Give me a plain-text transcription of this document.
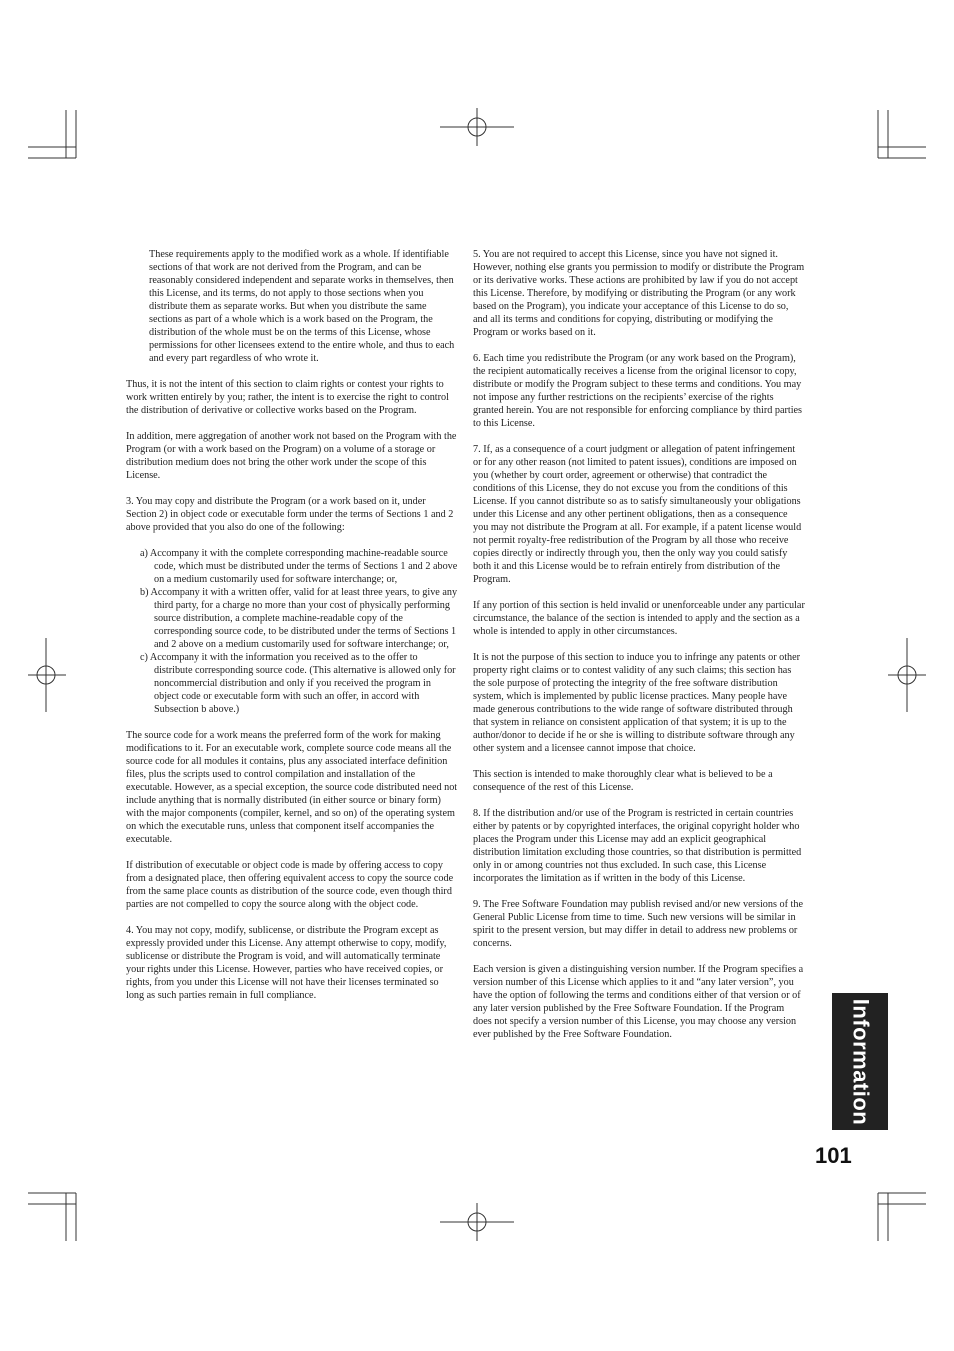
These requirements apply to the modified work as a whole. If identifiable sections of that work are not derived from the Program, and can be reasonably considered independent and separate works in themselves, then this License, and its terms, do not apply to those sections when you distribute them as separate works. But when you distribute the same sections as part of a whole which is a work based on the Program, the distribution of the whole must be on the terms of this License, whose permissions for other licensees extend to the entire whole, and thus to each and every part regardless of who wrote it.

Thus, it is not the intent of this section to claim rights or contest your rights to work written entirely by you; rather, the intent is to exercise the right to control the distribution of derivative or collective works based on the Program.

In addition, mere aggregation of another work not based on the Program with the Program (or with a work based on the Program) on a volume of a storage or distribution medium does not bring the other work under the scope of this License.

3. You may copy and distribute the Program (or a work based on it, under Section 2) in object code or executable form under the terms of Sections 1 and 2 above provided that you also do one of the following:

a) Accompany it with the complete corresponding machine-readable source code, which must be distributed under the terms of Sections 1 and 2 above on a medium customarily used for software interchange; or,

b) Accompany it with a written offer, valid for at least three years, to give any third party, for a charge no more than your cost of physically performing source distribution, a complete machine-readable copy of the corresponding source code, to be distributed under the terms of Sections 1 and 2 above on a medium customarily used for software interchange; or,

c) Accompany it with the information you received as to the offer to distribute corresponding source code. (This alternative is allowed only for noncommercial distribution and only if you received the program in object code or executable form with such an offer, in accord with Subsection b above.)

The source code for a work means the preferred form of the work for making modifications to it. For an executable work, complete source code means all the source code for all modules it contains, plus any associated interface definition files, plus the scripts used to control compilation and installation of the executable. However, as a special exception, the source code distributed need not include anything that is normally distributed (in either source or binary form) with the major components (compiler, kernel, and so on) of the operating system on which the executable runs, unless that component itself accompanies the executable.

If distribution of executable or object code is made by offering access to copy from a designated place, then offering equivalent access to copy the source code from the same place counts as distribution of the source code, even though third parties are not compelled to copy the source along with the object code.

4. You may not copy, modify, sublicense, or distribute the Program except as expressly provided under this License. Any attempt otherwise to copy, modify, sublicense or distribute the Program is void, and will automatically terminate your rights under this License. However, parties who have received copies, or rights, from you under this License will not have their licenses terminated so long as such parties remain in full compliance.

5. You are not required to accept this License, since you have not signed it. However, nothing else grants you permission to modify or distribute the Program or its derivative works. These actions are prohibited by law if you do not accept this License. Therefore, by modifying or distributing the Program (or any work based on the Program), you indicate your acceptance of this License to do so, and all its terms and conditions for copying, distributing or modifying the Program or works based on it.

6. Each time you redistribute the Program (or any work based on the Program), the recipient automatically receives a license from the original licensor to copy, distribute or modify the Program subject to these terms and conditions. You may not impose any further restrictions on the recipients’ exercise of the rights granted herein. You are not responsible for enforcing compliance by third parties to this License.

7. If, as a consequence of a court judgment or allegation of patent infringement or for any other reason (not limited to patent issues), conditions are imposed on you (whether by court order, agreement or otherwise) that contradict the conditions of this License, they do not excuse you from the conditions of this License. If you cannot distribute so as to satisfy simultaneously your obligations under this License and any other pertinent obligations, then as a consequence you may not distribute the Program at all. For example, if a patent license would not permit royalty-free redistribution of the Program by all those who receive copies directly or indirectly through you, then the only way you could satisfy both it and this License would be to refrain entirely from distribution of the Program.

If any portion of this section is held invalid or unenforceable under any particular circumstance, the balance of the section is intended to apply and the section as a whole is intended to apply in other circumstances.

It is not the purpose of this section to induce you to infringe any patents or other property right claims or to contest validity of any such claims; this section has the sole purpose of protecting the integrity of the free software distribution system, which is implemented by public license practices. Many people have made generous contributions to the wide range of software distributed through that system in reliance on consistent application of that system; it is up to the author/donor to decide if he or she is willing to distribute software through any other system and a licensee cannot impose that choice.

This section is intended to make thoroughly clear what is believed to be a consequence of the rest of this License.

8. If the distribution and/or use of the Program is restricted in certain countries either by patents or by copyrighted interfaces, the original copyright holder who places the Program under this License may add an explicit geographical distribution limitation excluding those countries, so that distribution is permitted only in or among countries not thus excluded. In such case, this License incorporates the limitation as if written in the body of this License.

9. The Free Software Foundation may publish revised and/or new versions of the General Public License from time to time. Such new versions will be similar in spirit to the present version, but may differ in detail to address new problems or concerns.

Each version is given a distinguishing version number. If the Program specifies a version number of this License which applies to it and “any later version”, you have the option of following the terms and conditions either of that version or of any later version published by the Free Software Foundation. If the Program does not specify a version number of this License, you may choose any version ever published by the Free Software Foundation.	Information
101
